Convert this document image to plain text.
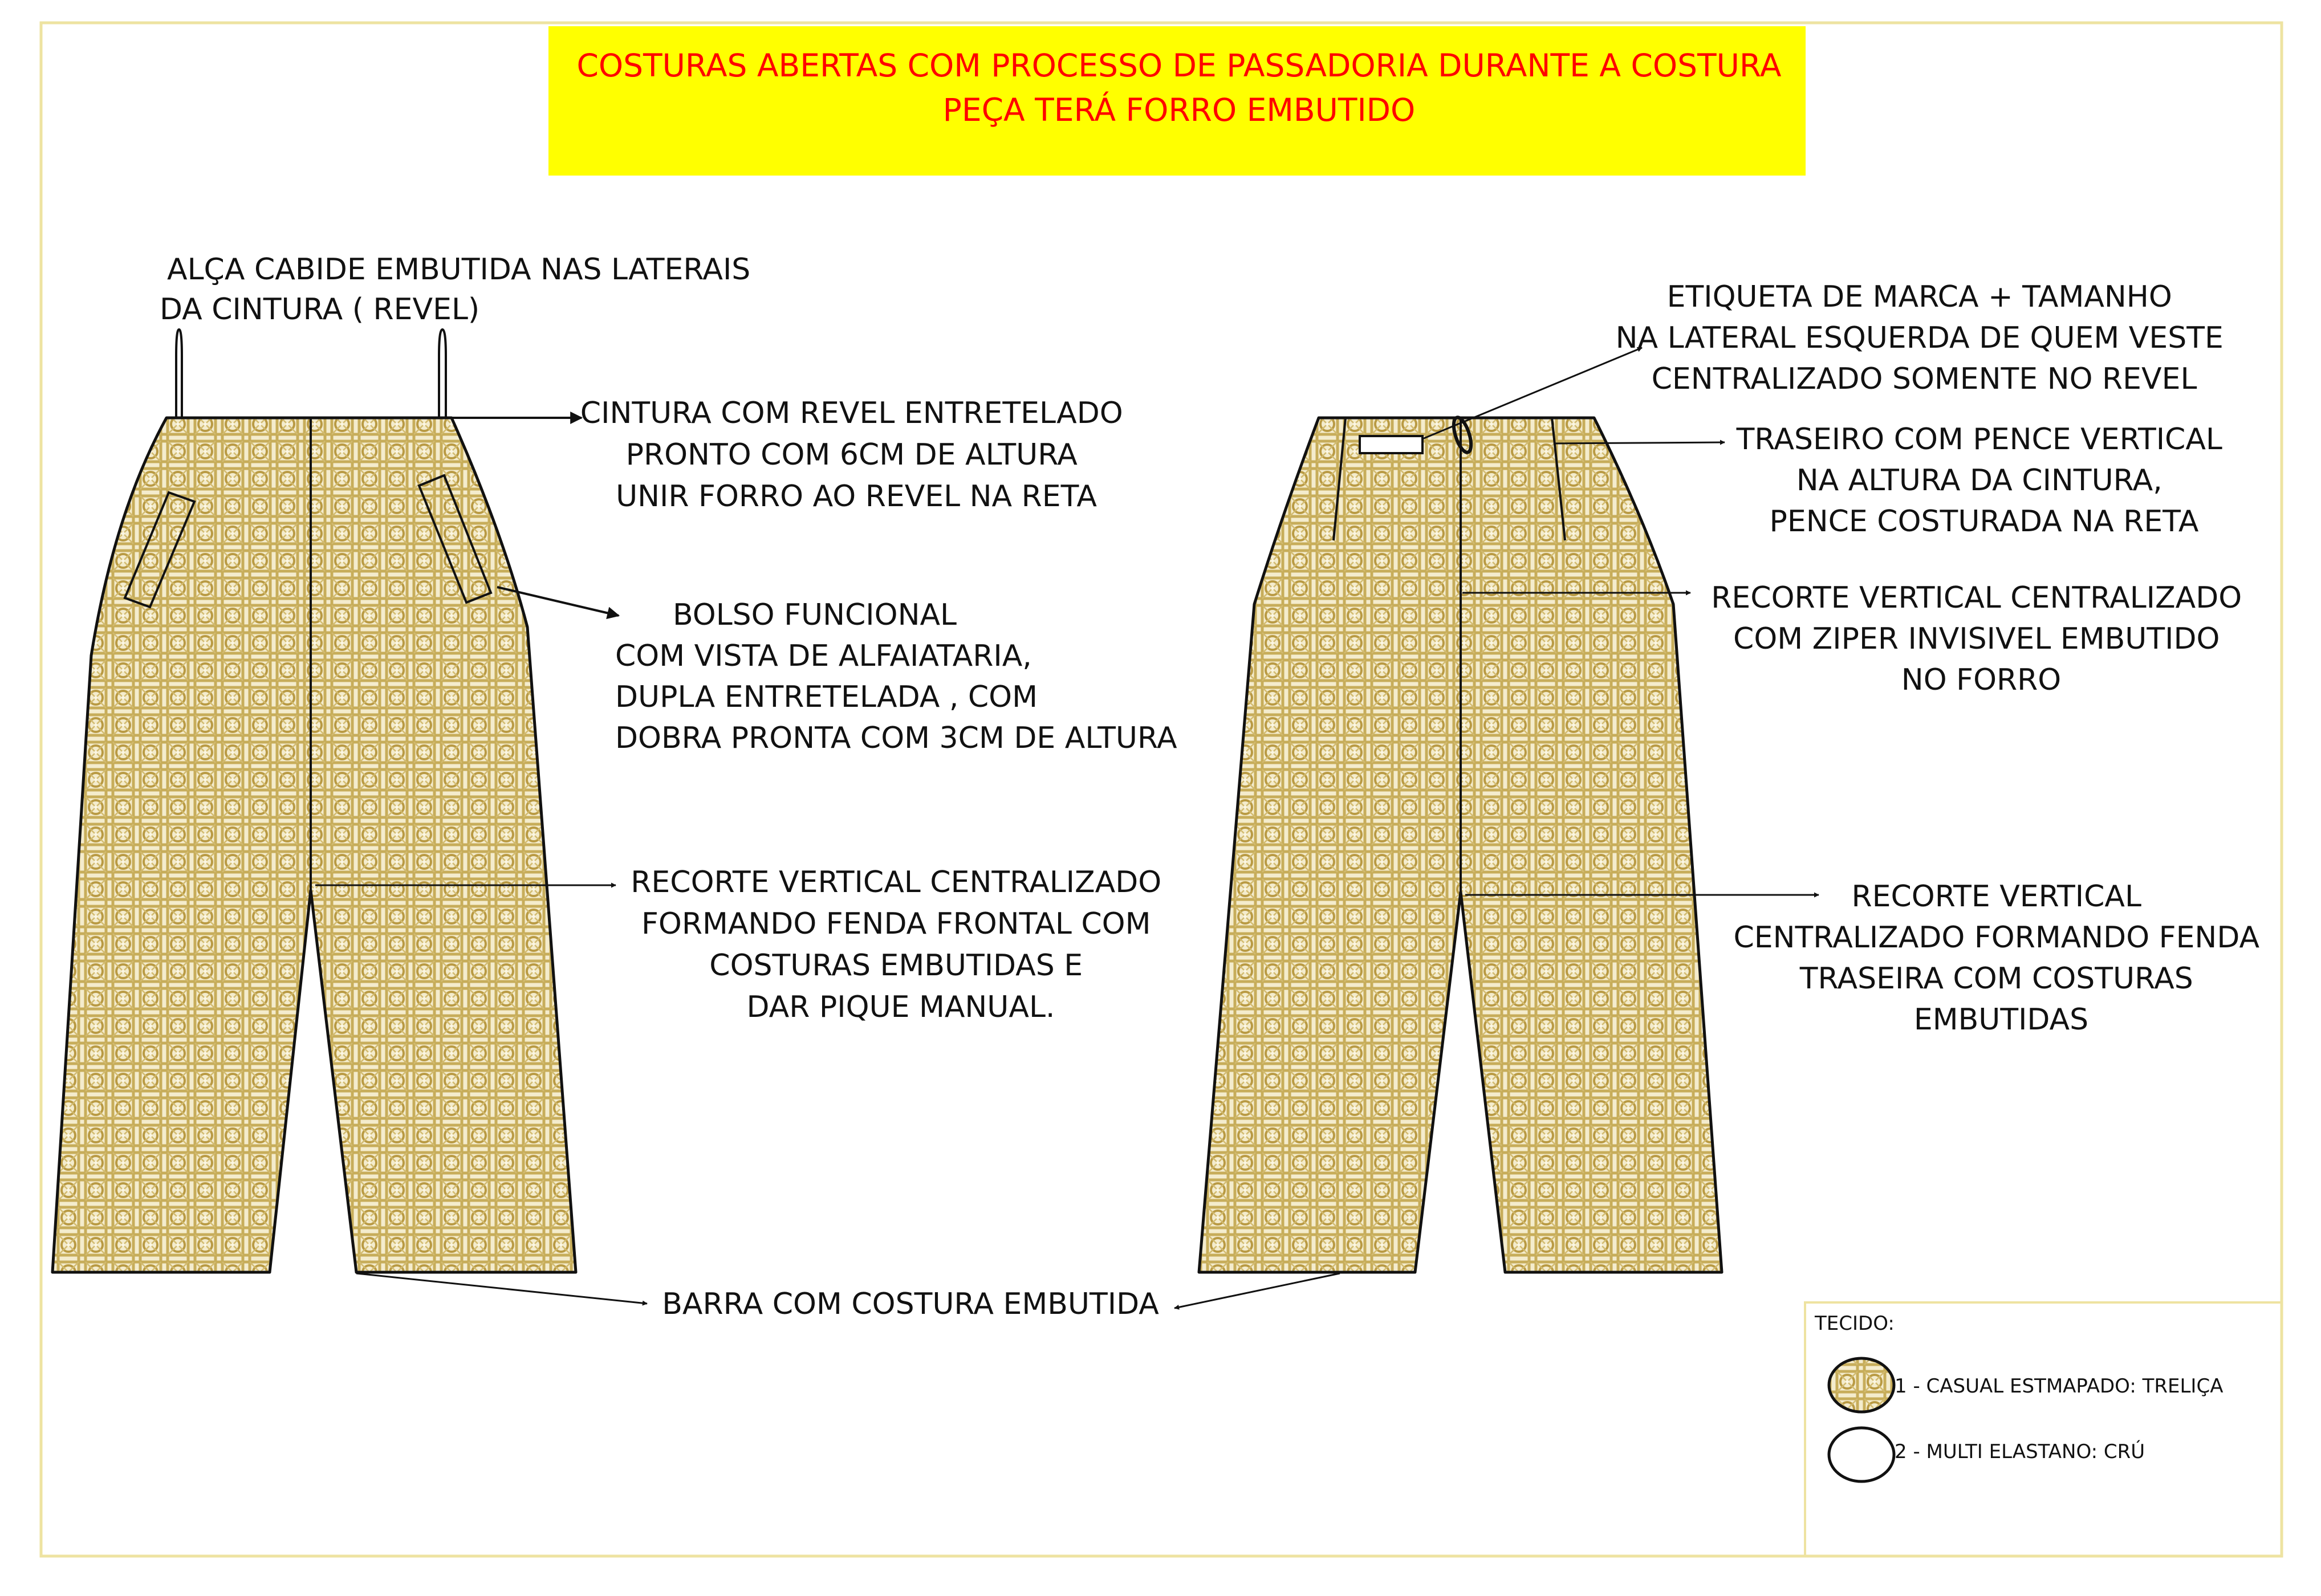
COSTURAS ABERTAS COM PROCESSO DE PASSADORIA DURANTE A COSTURA
PEÇA TERÁ FORRO EMBUTIDO
ALÇA CABIDE EMBUTIDA NAS LATERAIS DA CINTURA ( REVEL)
CINTURA COM REVEL ENTRETELADO PRONTO COM 6CM DE ALTURA UNIR FORRO AO REVEL NA RETA
BOLSO FUNCIONAL COM VISTA DE ALFAIATARIA, DUPLA ENTRETELADA , COM DOBRA PRONTA COM 3CM DE ALTURA
RECORTE VERTICAL CENTRALIZADO FORMANDO FENDA FRONTAL COM COSTURAS EMBUTIDAS E DAR PIQUE MANUAL.
BARRA COM COSTURA EMBUTIDA
ETIQUETA DE MARCA + TAMANHO NA LATERAL ESQUERDA DE QUEM VESTE CENTRALIZADO SOMENTE NO REVEL
TRASEIRO COM PENCE VERTICAL NA ALTURA DA CINTURA, PENCE COSTURADA NA RETA
RECORTE VERTICAL CENTRALIZADO COM ZIPER INVISIVEL EMBUTIDO NO FORRO
RECORTE VERTICAL CENTRALIZADO FORMANDO FENDA TRASEIRA COM COSTURAS EMBUTIDAS
TECIDO:
1 - CASUAL ESTMAPADO: TRELIÇA
2 - MULTI ELASTANO: CRÚ
